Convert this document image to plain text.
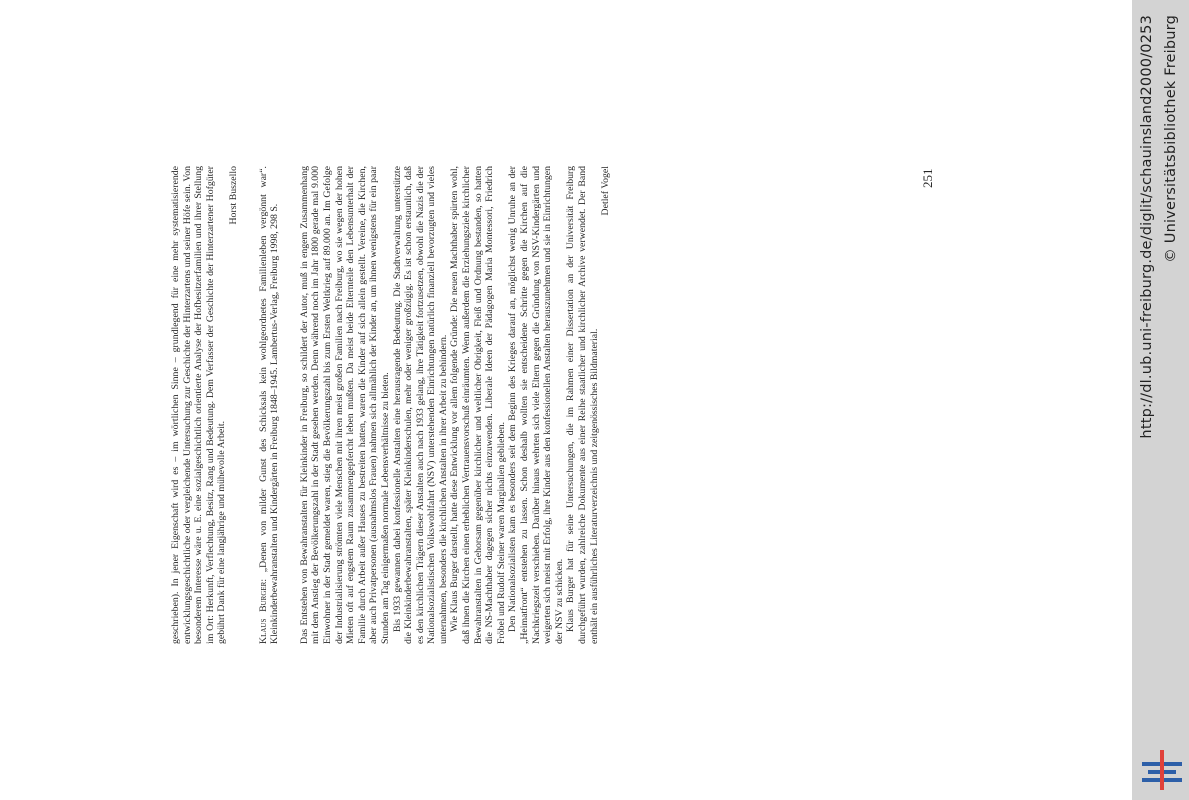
geschrieben). In jener Eigenschaft wird es – im wörtlichen Sinne – grundlegend für eine mehr systematisierende entwicklungsgeschichtliche oder vergleichende Untersuchung zur Geschichte der Hinterzartens und seiner Höfe sein. Von besonderem Interesse wäre u. E. eine sozialgeschichtlich orientierte Analyse der Hofbesitzerfamilien und ihrer Stellung im Ort: Herkunft, Verflechtung, Besitz, Rang und Bedeutung. Dem Verfasser der Geschichte der Hinterzartener Hofgüter gebührt Dank für eine langjährige und mühevolle Arbeit.

Horst Buszello

Klaus Burger: „Denen von milder Gunst des Schicksals kein wohlgeordnetes Familienleben vergönnt war“. Kleinkinderbewahranstalten und Kindergärten in Freiburg 1848–1945. Lambertus-Verlag, Freiburg 1998, 298 S. Das Entstehen von Bewahranstalten für Kleinkinder in Freiburg, so schildert der Autor, muß in engem Zusammenhang mit dem Anstieg der Bevölkerungszahl in der Stadt gesehen werden. Denn während noch im Jahr 1800 gerade mal 9.000 Einwohner in der Stadt gemeldet waren, stieg die Bevölkerungszahl bis zum Ersten Weltkrieg auf 89.000 an. Im Gefolge der Industrialisierung strömten viele Menschen mit ihren meist großen Familien nach Freiburg, wo sie wegen der hohen Mieten oft auf engstem Raum zusammengepfercht leben mußten. Da meist beide Elternteile den Lebensunterhalt der Familie durch Arbeit außer Hauses zu bestreiten hatten, waren die Kinder auf sich allein gestellt. Vereine, die Kirchen, aber auch Privatpersonen (ausnahmslos Frauen) nahmen sich allmählich der Kinder an, um ihnen wenigstens für ein paar Stunden am Tag einigermaßen normale Lebensverhältnisse zu bieten. Bis 1933 gewannen dabei konfessionelle Anstalten eine herausragende Bedeutung. Die Stadtverwaltung unterstützte die Kleinkinderbewahranstalten, später Kleinkinderschulen, mehr oder weniger großzügig. Es ist schon erstaunlich, daß es den kirchlichen Trägern dieser Anstalten auch nach 1933 gelang, ihre Tätigkeit fortzusetzen, obwohl die Nazis die der Nationalsozialistischen Volkswohlfahrt (NSV) unterstehenden Einrichtungen natürlich finanziell bevorzugten und vieles unternahmen, besonders die kirchlichen Anstalten in ihrer Arbeit zu behindern. Wie Klaus Burger darstellt, hatte diese Entwicklung vor allem folgende Gründe: Die neuen Machthaber spürten wohl, daß ihnen die Kirchen einen erheblichen Vertrauensvorschuß einräumten. Wenn außerdem die Erziehungsziele kirchlicher Bewahranstalten in Gehorsam gegenüber kirchlicher und weltlicher Obrigkeit, Fleiß und Ordnung bestanden, so hatten die NS-Machthaber dagegen sicher nichts einzuwenden. Liberale Ideen der Pädagogen Maria Montessori, Friedrich Fröbel und Rudolf Steiner waren Marginalien geblieben. Den Nationalsozialisten kam es besonders seit dem Beginn des Krieges darauf an, möglichst wenig Unruhe an der „Heimatfront“ entstehen zu lassen. Schon deshalb wollten sie entscheidene Schritte gegen die Kirchen auf die Nachkriegszeit verschieben. Darüber hinaus wehrten sich viele Eltern gegen die Gründung von NSV-Kindergärten und weigerten sich meist mit Erfolg, ihre Kinder aus den konfessionellen Anstalten herauszunehmen und sie in Einrichtungen der NSV zu schicken. Klaus Burger hat für seine Untersuchungen, die im Rahmen einer Dissertation an der Universität Freiburg durchgeführt wurden, zahlreiche Dokumente aus einer Reihe staatlicher und kirchlicher Archive verwendet. Der Band enthält ein ausführliches Literaturverzeichnis und zeitgenössisches Bildmaterial.

Detlef Vogel	251	http://dl.ub.uni-freiburg.de/diglit/schauinsland2000/0253 © Universitätsbibliothek Freiburg
